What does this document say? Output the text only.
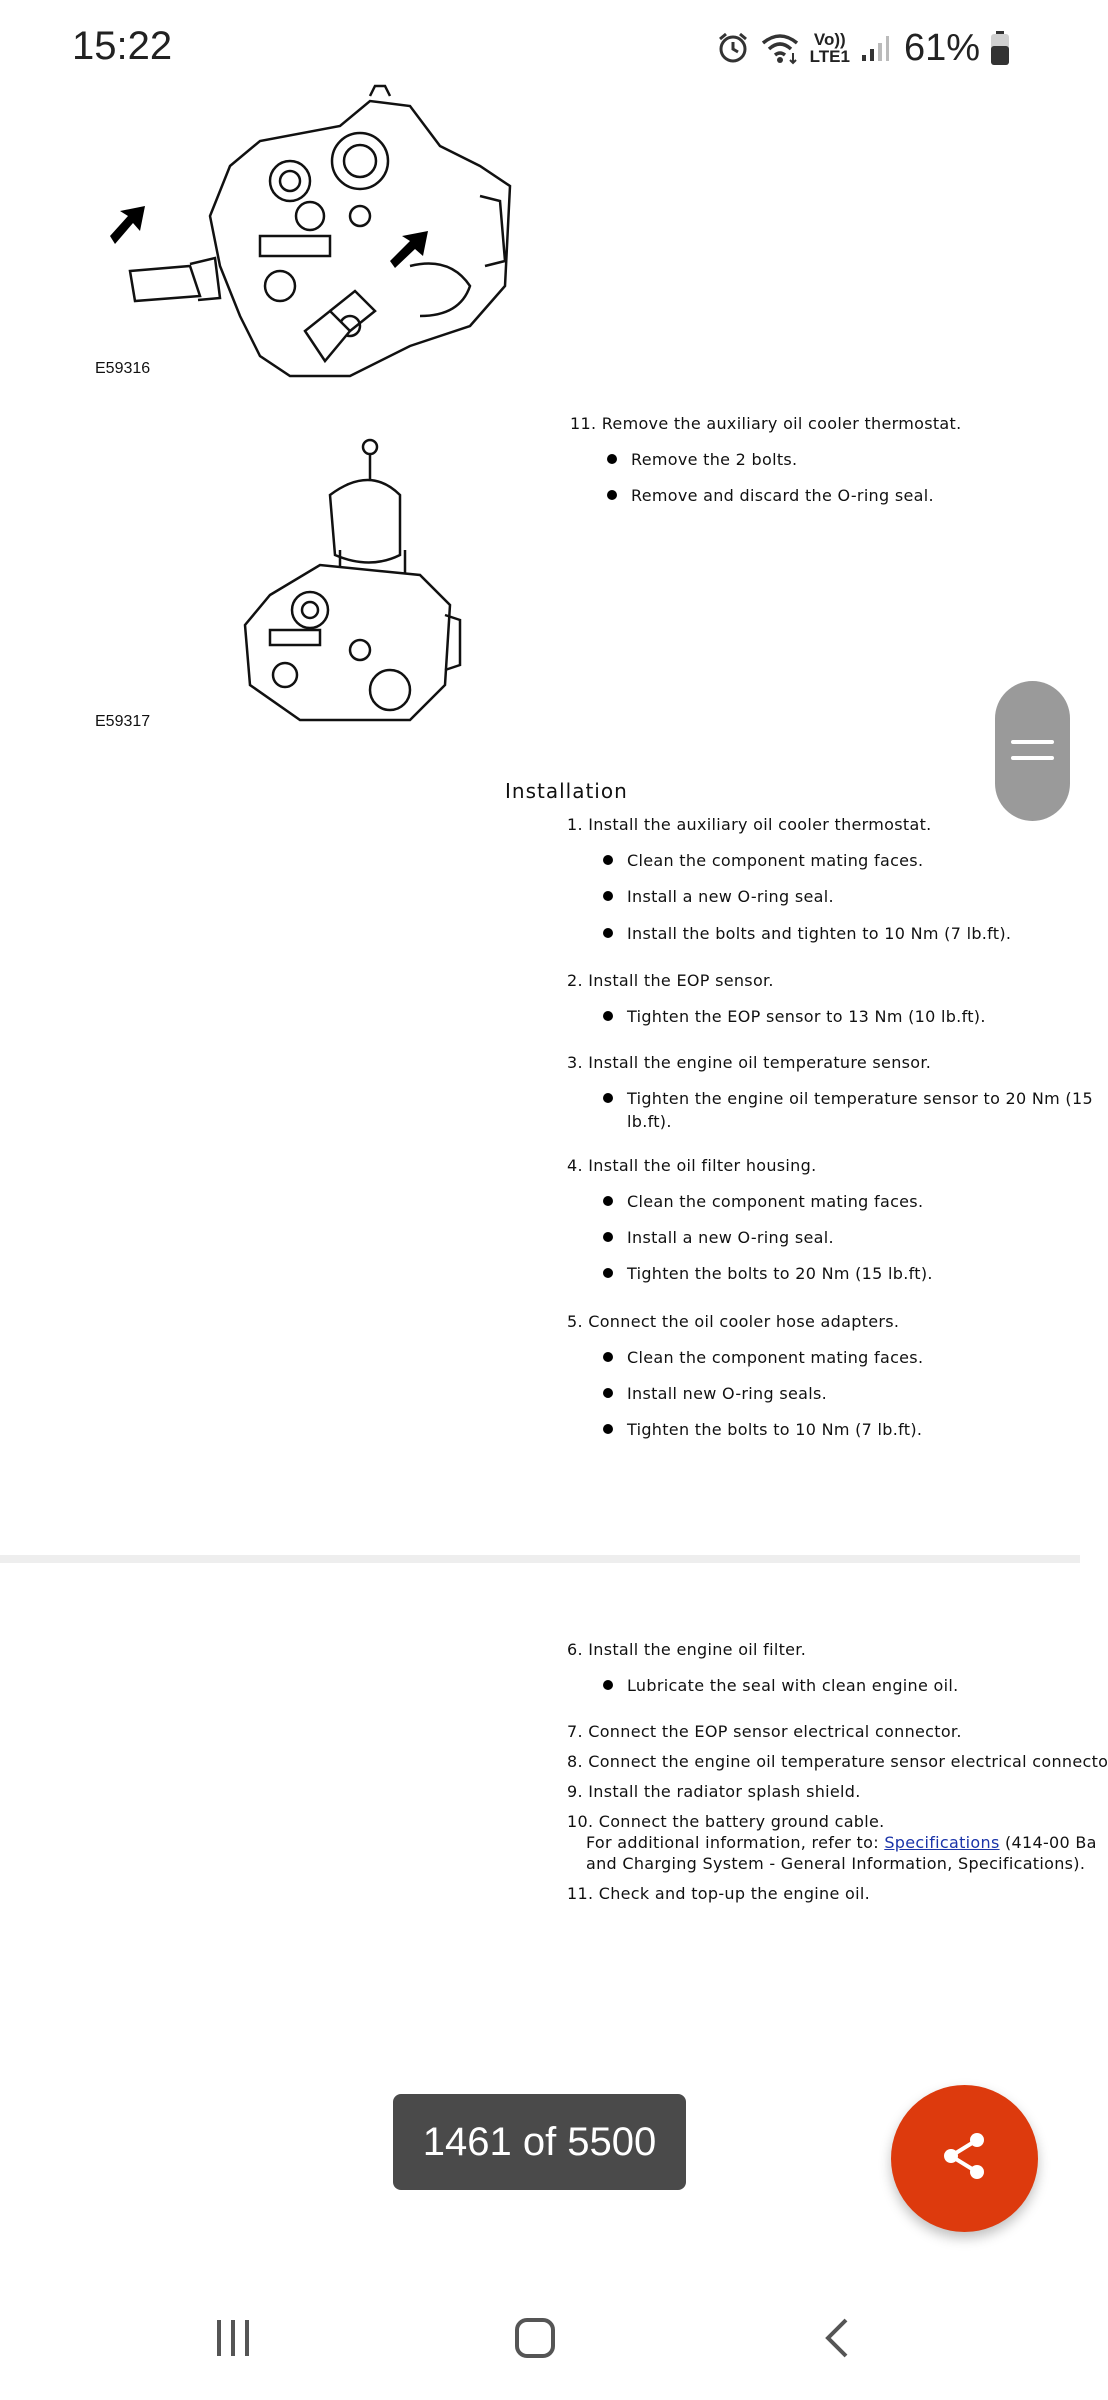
15:22	Vo))
LTE1 61%
E59316
11. Remove the auxiliary oil cooler thermostat.
Remove the 2 bolts.
Remove and discard the O-ring seal.
E59317
Installation
1. Install the auxiliary oil cooler thermostat.
Clean the component mating faces.
Install a new O-ring seal.
Install the bolts and tighten to 10 Nm (7 lb.ft).
2. Install the EOP sensor.
Tighten the EOP sensor to 13 Nm (10 lb.ft).
3. Install the engine oil temperature sensor.
Tighten the engine oil temperature sensor to 20 Nm (15
lb.ft).
4. Install the oil filter housing.
Clean the component mating faces.
Install a new O-ring seal.
Tighten the bolts to 20 Nm (15 lb.ft).
5. Connect the oil cooler hose adapters.
Clean the component mating faces.
Install new O-ring seals.
Tighten the bolts to 10 Nm (7 lb.ft).
6. Install the engine oil filter.
Lubricate the seal with clean engine oil.
7. Connect the EOP sensor electrical connector.
8. Connect the engine oil temperature sensor electrical connecto
9. Install the radiator splash shield.
10. Connect the battery ground cable.
For additional information, refer to: Specifications (414-00 Ba
and Charging System - General Information, Specifications).
11. Check and top-up the engine oil.
1461 of 5500
